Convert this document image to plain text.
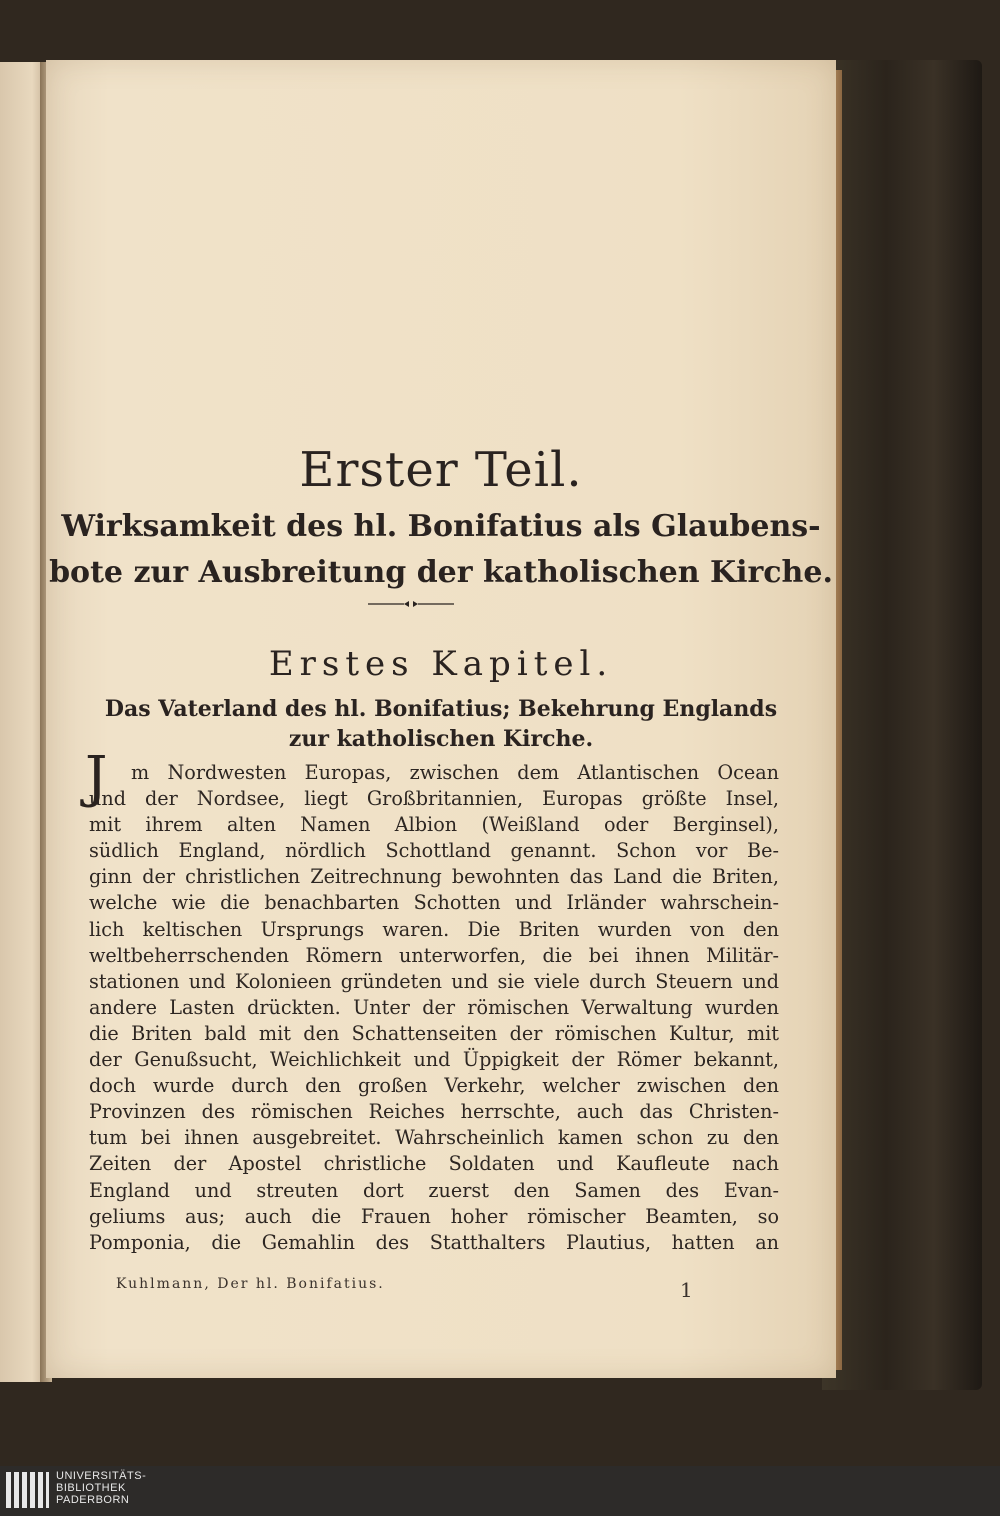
Erster Teil.
Wirksamkeit des hl. Bonifatius als Glaubens-
bote zur Ausbreitung der katholischen Kirche.
Erstes Kapitel.
Das Vaterland des hl. Bonifatius; Bekehrung Englands
zur katholischen Kirche.
J	m Nordwesten Europas, zwischen dem Atlantischen Ocean
und der Nordsee, liegt Großbritannien, Europas größte Insel,
mit ihrem alten Namen Albion (Weißland oder Berginsel),
südlich England, nördlich Schottland genannt. Schon vor Be-
ginn der christlichen Zeitrechnung bewohnten das Land die Briten,
welche wie die benachbarten Schotten und Irländer wahrschein-
lich keltischen Ursprungs waren. Die Briten wurden von den
weltbeherrschenden Römern unterworfen, die bei ihnen Militär-
stationen und Kolonieen gründeten und sie viele durch Steuern und
andere Lasten drückten. Unter der römischen Verwaltung wurden
die Briten bald mit den Schattenseiten der römischen Kultur, mit
der Genußsucht, Weichlichkeit und Üppigkeit der Römer bekannt,
doch wurde durch den großen Verkehr, welcher zwischen den
Provinzen des römischen Reiches herrschte, auch das Christen-
tum bei ihnen ausgebreitet. Wahrscheinlich kamen schon zu den
Zeiten der Apostel christliche Soldaten und Kaufleute nach
England und streuten dort zuerst den Samen des Evan-
geliums aus; auch die Frauen hoher römischer Beamten, so
Pomponia, die Gemahlin des Statthalters Plautius, hatten an
Kuhlmann, Der hl. Bonifatius.	1
UNIVERSITÄTS-
BIBLIOTHEK
PADERBORN
